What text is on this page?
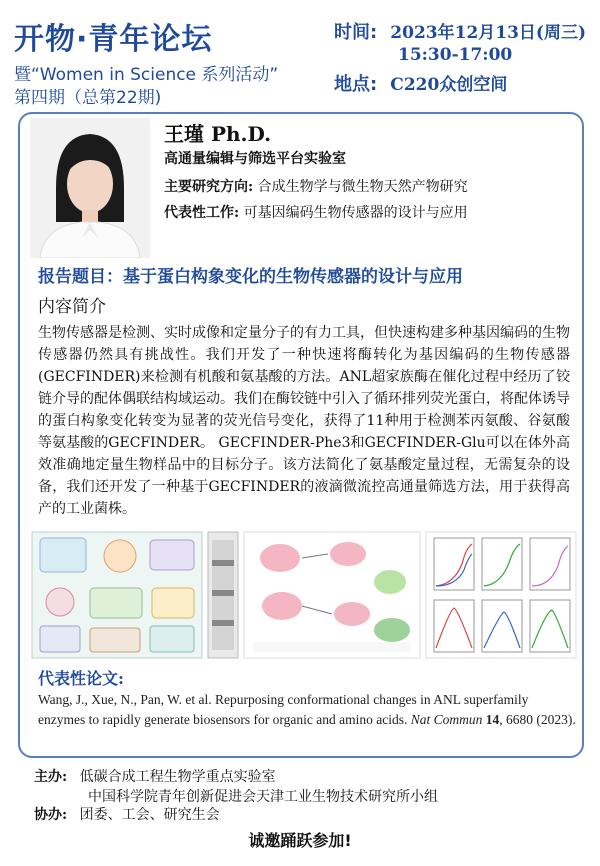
开物·青年论坛
暨“Women in Science 系列活动”
第四期（总第22期)
时间: 2023年12月13日(周三)
15:30-17:00
地点: C220众创空间
王瑾 Ph.D.
高通量编辑与筛选平台实验室
主要研究方向: 合成生物学与微生物天然产物研究
代表性工作: 可基因编码生物传感器的设计与应用
报告题目：基于蛋白构象变化的生物传感器的设计与应用
内容简介
生物传感器是检测、实时成像和定量分子的有力工具，但快速构建多种基因编码的生物传感器仍然具有挑战性。我们开发了一种快速将酶转化为基因编码的生物传感器(GECFINDER)来检测有机酸和氨基酸的方法。ANL超家族酶在催化过程中经历了铰链介导的配体偶联结构域运动。我们在酶铰链中引入了循环排列荧光蛋白，将配体诱导的蛋白构象变化转变为显著的荧光信号变化，获得了11种用于检测苯丙氨酸、谷氨酸等氨基酸的GECFINDER。 GECFINDER-Phe3和GECFINDER-Glu可以在体外高效准确地定量生物样品中的目标分子。该方法简化了氨基酸定量过程，无需复杂的设备，我们还开发了一种基于GECFINDER的液滴微流控高通量筛选方法，用于获得高产的工业菌株。
代表性论文:
Wang, J., Xue, N., Pan, W. et al. Repurposing conformational changes in ANL superfamily enzymes to rapidly generate biosensors for organic and amino acids. Nat Commun 14, 6680 (2023).
主办: 低碳合成工程生物学重点实验室
中国科学院青年创新促进会天津工业生物技术研究所小组
协办: 团委、工会、研究生会
诚邀踊跃参加!
